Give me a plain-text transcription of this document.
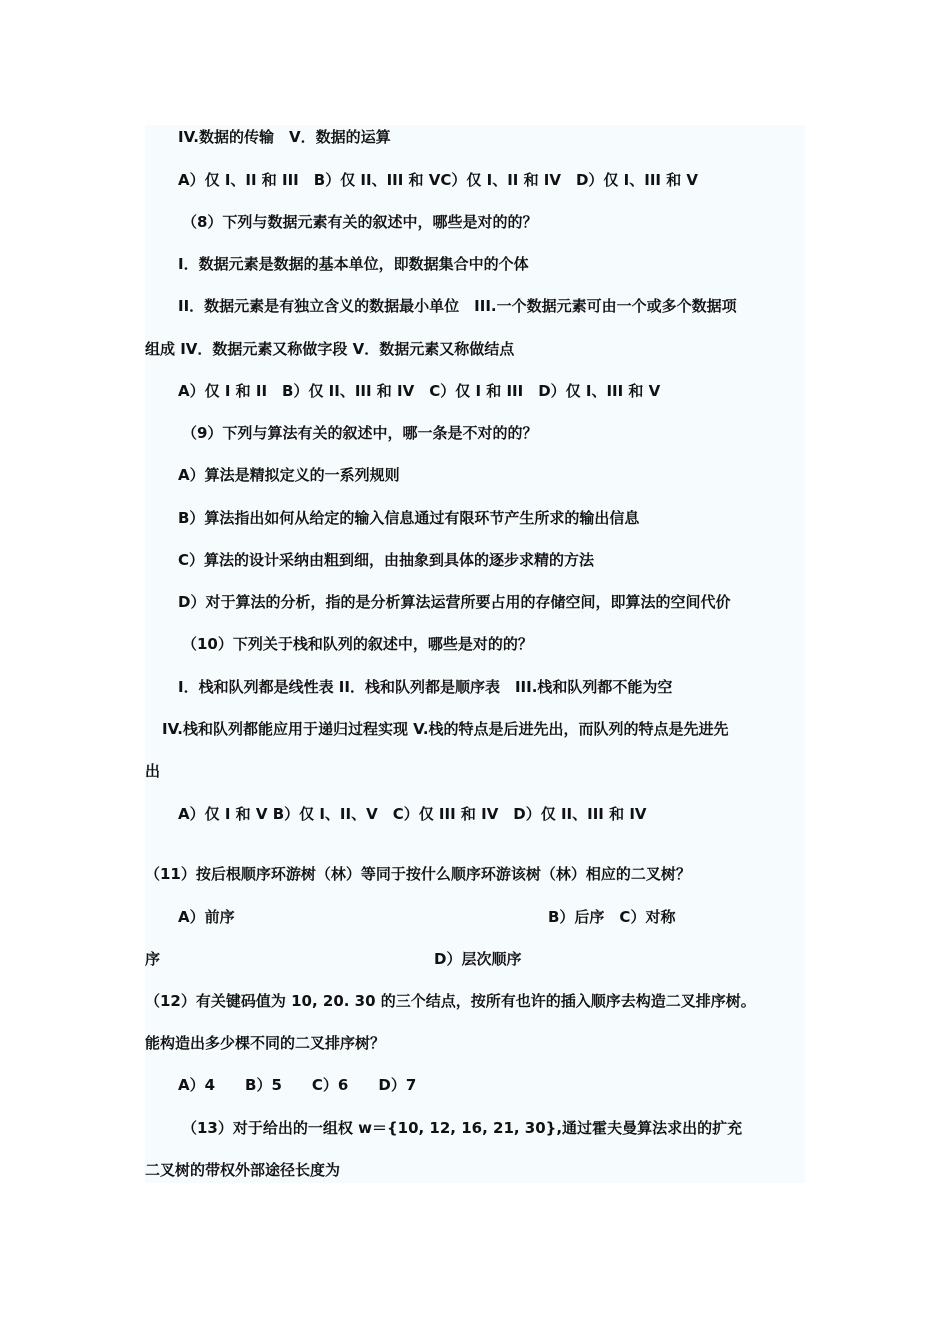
IV.数据的传输　V．数据的运算
A）仅 I、II 和 III　B）仅 II、III 和 VC）仅 I、II 和 IV　D）仅 I、III 和 V
（8）下列与数据元素有关的叙述中，哪些是对的的？
I．数据元素是数据的基本单位，即数据集合中的个体
II．数据元素是有独立含义的数据最小单位　III.一个数据元素可由一个或多个数据项
组成 IV．数据元素又称做字段 V．数据元素又称做结点
A）仅 I 和 II　B）仅 II、III 和 IV　C）仅 I 和 III　D）仅 I、III 和 V
（9）下列与算法有关的叙述中，哪一条是不对的的？
A）算法是精拟定义的一系列规则
B）算法指出如何从给定的输入信息通过有限环节产生所求的输出信息
C）算法的设计采纳由粗到细，由抽象到具体的逐步求精的方法
D）对于算法的分析，指的是分析算法运营所要占用的存储空间，即算法的空间代价
（10）下列关于栈和队列的叙述中，哪些是对的的？
I．栈和队列都是线性表 II．栈和队列都是顺序表　III.栈和队列都不能为空
IV.栈和队列都能应用于递归过程实现 V.栈的特点是后进先出，而队列的特点是先进先
出
A）仅 I 和 V B）仅 I、II、V　C）仅 III 和 IV　D）仅 II、III 和 IV
（11）按后根顺序环游树（林）等同于按什么顺序环游该树（林）相应的二叉树？
A）前序	B）后序　C）对称
序	D）层次顺序
（12）有关键码值为 10, 20. 30 的三个结点，按所有也许的插入顺序去构造二叉排序树。
能构造出多少棵不同的二叉排序树？
A）4　　B）5　　C）6　　D）7
（13）对于给出的一组权 w＝{10, 12, 16, 21, 30},通过霍夫曼算法求出的扩充
二叉树的带权外部途径长度为
